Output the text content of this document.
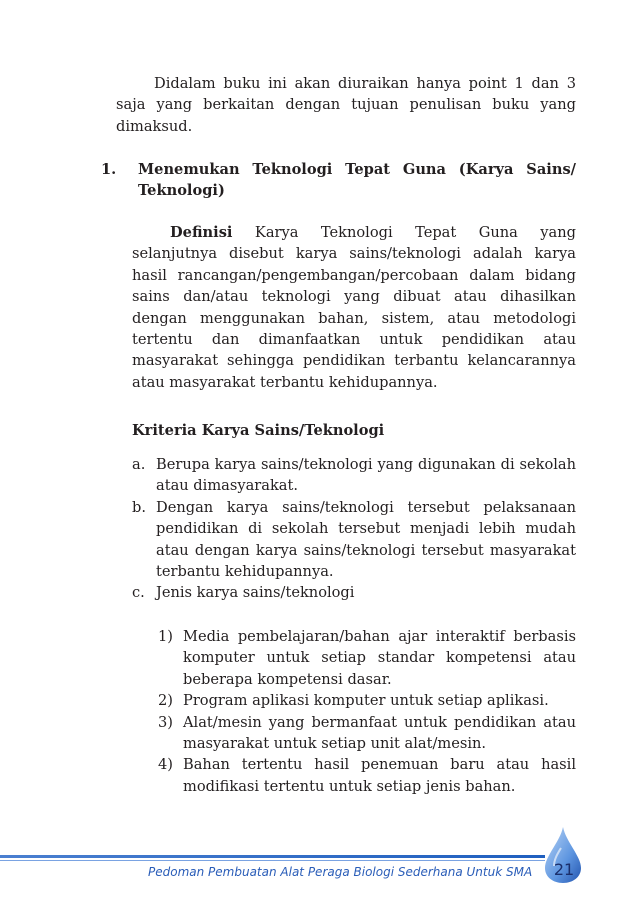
Didalam buku ini akan diuraikan hanya point 1 dan 3 saja yang berkaitan dengan tujuan penulisan buku yang dimaksud.

1.	Menemukan Teknologi Tepat Guna (Karya Sains/ Teknologi)

Definisi Karya Teknologi Tepat Guna yang selanjutnya disebut karya sains/teknologi adalah karya hasil rancangan/pengembangan/percobaan dalam bidang sains dan/atau teknologi yang dibuat atau dihasilkan dengan menggunakan bahan, sistem, atau metodologi tertentu dan dimanfaatkan untuk pendidikan atau masyarakat sehingga pendidikan terbantu kelancarannya atau masyarakat terbantu kehidupannya.

Kriteria Karya Sains/Teknologi
a. Berupa karya sains/teknologi yang digunakan di sekolah atau dimasyarakat.
b. Dengan karya sains/teknologi tersebut pelaksanaan pendidikan di sekolah tersebut menjadi lebih mudah atau dengan karya sains/teknologi tersebut masyarakat terbantu kehidupannya.
c. Jenis karya sains/teknologi
1) Media pembelajaran/bahan ajar interaktif berbasis komputer untuk setiap standar kompetensi atau beberapa kompetensi dasar.
2) Program aplikasi komputer untuk setiap aplikasi.
3) Alat/mesin yang bermanfaat untuk pendidikan atau masyarakat untuk setiap unit alat/mesin.
4) Bahan tertentu hasil penemuan baru atau hasil modifikasi tertentu untuk setiap jenis bahan.
Pedoman Pembuatan Alat Peraga Biologi Sederhana Untuk SMA 21
